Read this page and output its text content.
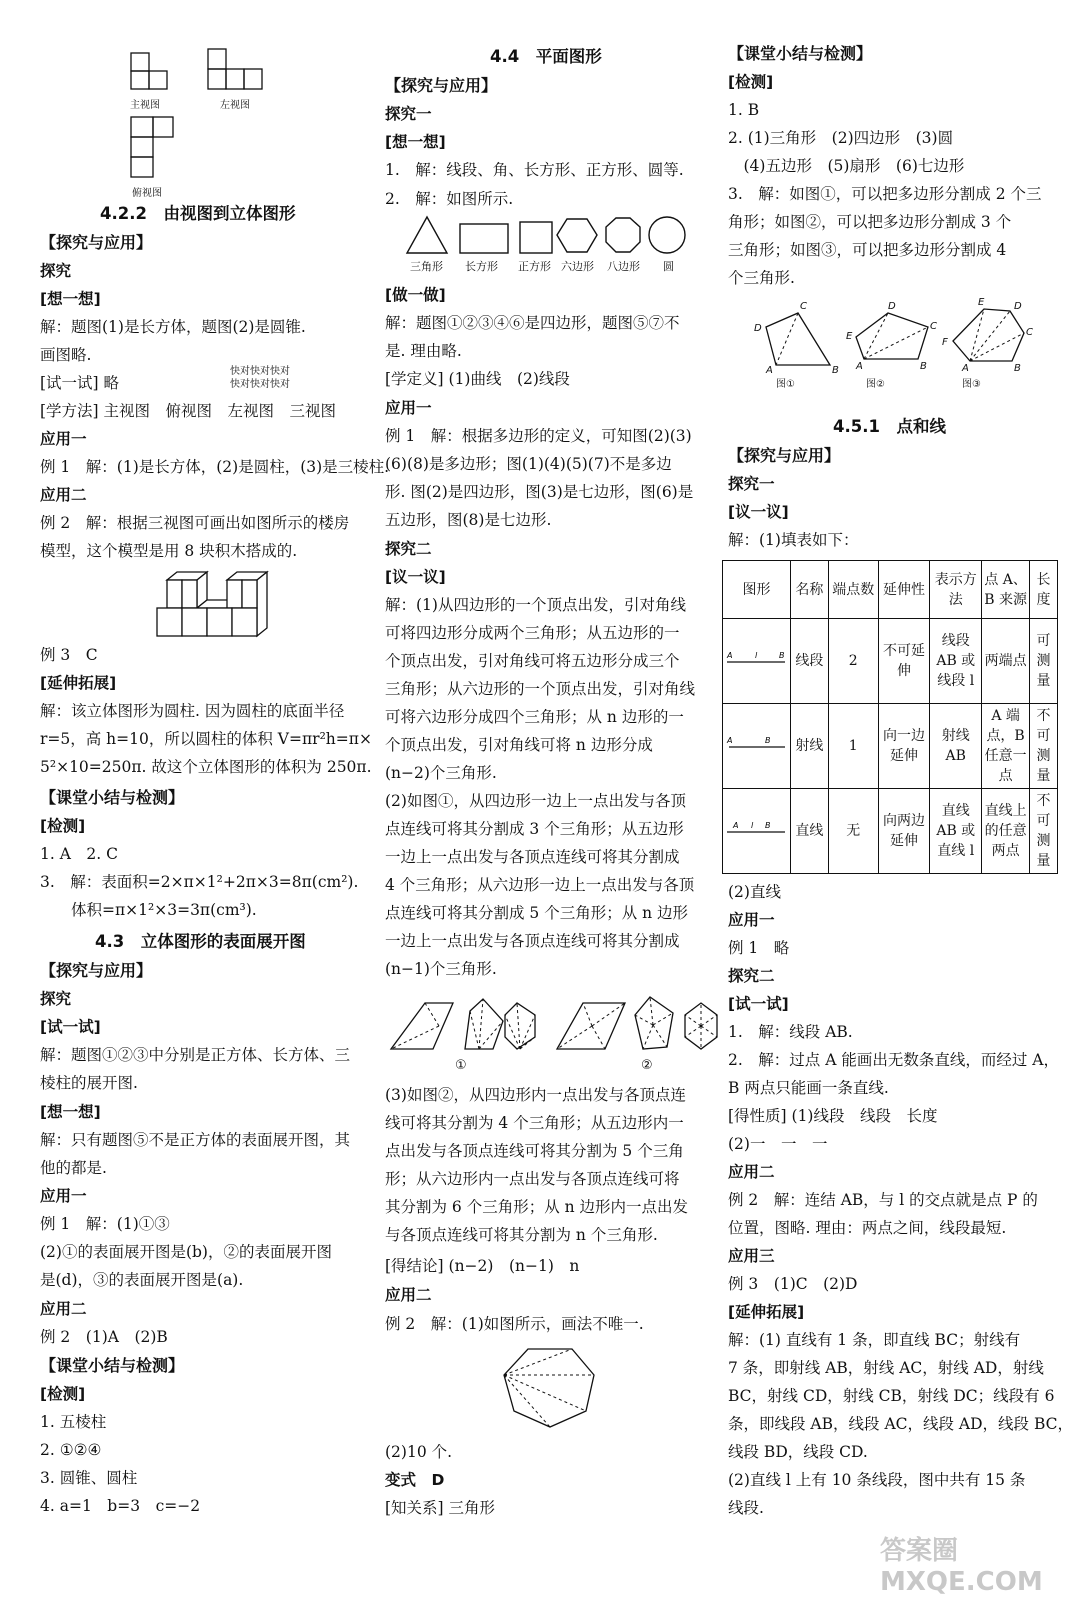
主视图	左视图
俯视图
4.2.2　由视图到立体图形
【探究与应用】
探究
[想一想]
解：题图(1)是长方体，题图(2)是圆锥.
画图略.
快对快对快对
快对快对快对
[试一试] 略
[学方法] 主视图　俯视图　左视图　三视图
应用一
例 1　解：(1)是长方体，(2)是圆柱，(3)是三棱柱.
应用二
例 2　解：根据三视图可画出如图所示的楼房
模型，这个模型是用 8 块积木搭成的.
例 3　C
[延伸拓展]
解：该立体图形为圆柱. 因为圆柱的底面半径
r=5，高 h=10，所以圆柱的体积 V=πr²h=π×
5²×10=250π. 故这个立体图形的体积为 250π.
【课堂小结与检测】
[检测]
1. A　2. C
3.　解：表面积=2×π×1²+2π×3=8π(cm²).
　　体积=π×1²×3=3π(cm³).
4.3　立体图形的表面展开图
【探究与应用】
探究
[试一试]
解：题图①②③中分别是正方体、长方体、三
棱柱的展开图.
[想一想]
解：只有题图⑤不是正方体的表面展开图，其
他的都是.
应用一
例 1　解：(1)①③
(2)①的表面展开图是(b)，②的表面展开图
是(d)，③的表面展开图是(a).
应用二
例 2　(1)A　(2)B
【课堂小结与检测】
[检测]
1. 五棱柱
2. ①②④
3. 圆锥、圆柱
4. a=1　b=3　c=−2
4.4　平面图形
【探究与应用】
探究一
[想一想]
1.　解：线段、角、长方形、正方形、圆等.
2.　解：如图所示.
三角形 长方形 正方形 六边形 八边形 圆
[做一做]
解：题图①②③④⑥是四边形，题图⑤⑦不
是. 理由略.
[学定义] (1)曲线　(2)线段
应用一
例 1　解：根据多边形的定义，可知图(2)(3)
(6)(8)是多边形；图(1)(4)(5)(7)不是多边
形. 图(2)是四边形，图(3)是七边形，图(6)是
五边形，图(8)是七边形.
探究二
[议一议]
解：(1)从四边形的一个顶点出发，引对角线
可将四边形分成两个三角形；从五边形的一
个顶点出发，引对角线可将五边形分成三个
三角形；从六边形的一个顶点出发，引对角线
可将六边形分成四个三角形；从 n 边形的一
个顶点出发，引对角线可将 n 边形分成
(n−2)个三角形.
(2)如图①，从四边形一边上一点出发与各顶
点连线可将其分割成 3 个三角形；从五边形
一边上一点出发与各顶点连线可将其分割成
4 个三角形；从六边形一边上一点出发与各顶
点连线可将其分割成 5 个三角形；从 n 边形
一边上一点出发与各顶点连线可将其分割成
(n−1)个三角形.
①	②
(3)如图②，从四边形内一点出发与各顶点连
线可将其分割为 4 个三角形；从五边形内一
点出发与各顶点连线可将其分割为 5 个三角
形；从六边形内一点出发与各顶点连线可将
其分割为 6 个三角形；从 n 边形内一点出发
与各顶点连线可将其分割为 n 个三角形.
[得结论] (n−2)　(n−1)　n
应用二
例 2　解：(1)如图所示，画法不唯一.
(2)10 个.
变式　D
[知关系] 三角形
【课堂小结与检测】
[检测]
1. B
2. (1)三角形　(2)四边形　(3)圆
　(4)五边形　(5)扇形　(6)七边形
3.　解：如图①，可以把多边形分割成 2 个三
角形；如图②，可以把多边形分割成 3 个
三角形；如图③，可以把多边形分割成 4
个三角形.
C
D
A	B
D
E
C
A	B
E
F
D
C
A	B
图①	图②	图③
4.5.1　点和线
【探究与应用】
探究一
[议一议]
解：(1)填表如下：
图形	名称	端点数	延伸性	表示方法	点 A、B 来源	长度

A l B	线段	2	不可延伸	线段 AB 或线段 l	两端点	可测量

A B	射线	1	向一边延伸	射线 AB	A 端点，B 任意一点	不可测量

A l B	直线	无	向两边延伸	直线 AB 或直线 l	直线上的任意两点	不可测量
(2)直线
应用一
例 1　略
探究二
[试一试]
1.　解：线段 AB.
2.　解：过点 A 能画出无数条直线，而经过 A，
B 两点只能画一条直线.
[得性质] (1)线段　线段　长度
(2)一　一　一
应用二
例 2　解：连结 AB，与 l 的交点就是点 P 的
位置，图略. 理由：两点之间，线段最短.
应用三
例 3　(1)C　(2)D
[延伸拓展]
解：(1) 直线有 1 条，即直线 BC；射线有
7 条，即射线 AB，射线 AC，射线 AD，射线
BC，射线 CD，射线 CB，射线 DC；线段有 6
条，即线段 AB，线段 AC，线段 AD，线段 BC，
线段 BD，线段 CD.
(2)直线 l 上有 10 条线段，图中共有 15 条
线段.
答案圈 MXQE.COM
